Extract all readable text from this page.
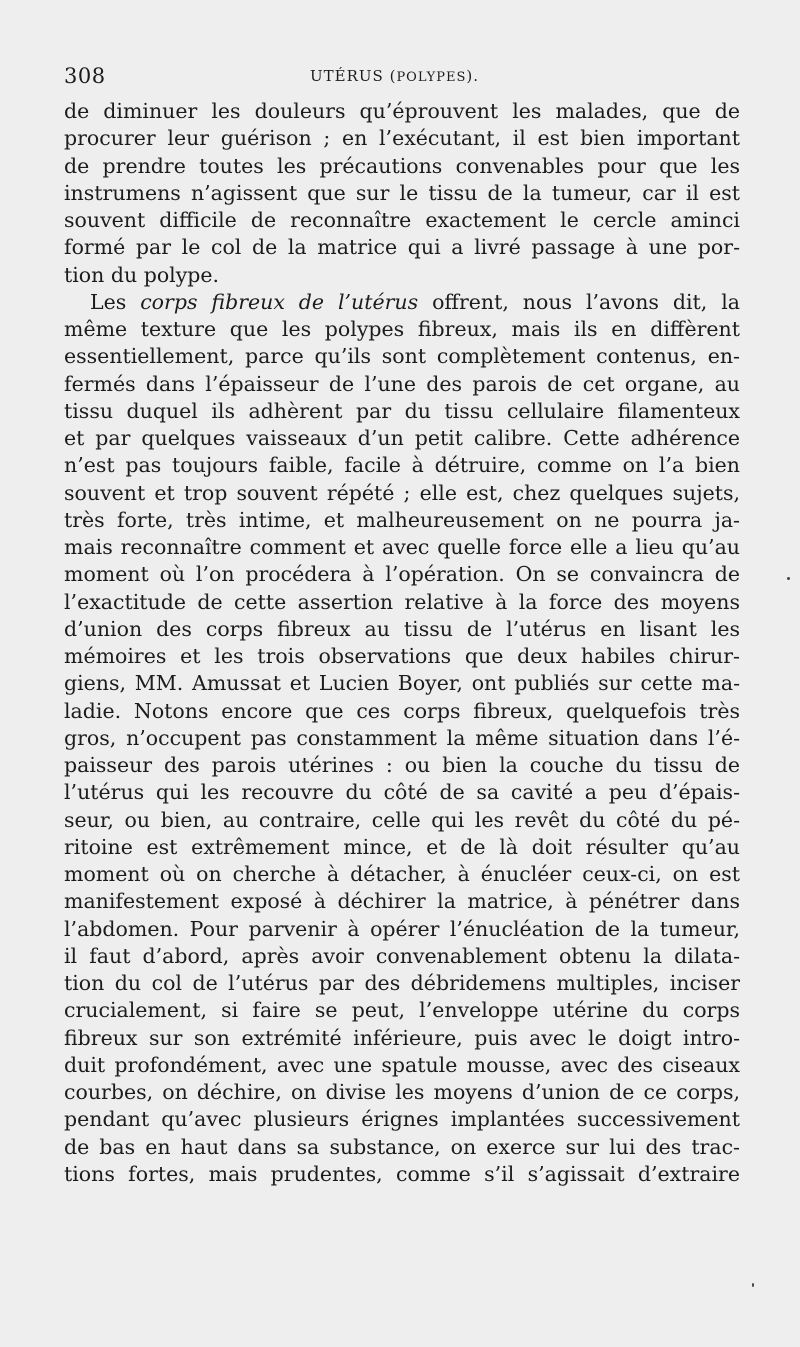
308	UTÉRUS (POLYPES).
de diminuer les douleurs qu’éprouvent les malades, que de
procurer leur guérison ; en l’exécutant, il est bien important
de prendre toutes les précautions convenables pour que les
instrumens n’agissent que sur le tissu de la tumeur, car il est
souvent difficile de reconnaître exactement le cercle aminci
formé par le col de la matrice qui a livré passage à une por-
tion du polype.
Les corps fibreux de l’utérus offrent, nous l’avons dit, la
même texture que les polypes fibreux, mais ils en diffèrent
essentiellement, parce qu’ils sont complètement contenus, en-
fermés dans l’épaisseur de l’une des parois de cet organe, au
tissu duquel ils adhèrent par du tissu cellulaire filamenteux
et par quelques vaisseaux d’un petit calibre. Cette adhérence
n’est pas toujours faible, facile à détruire, comme on l’a bien
souvent et trop souvent répété ; elle est, chez quelques sujets,
très forte, très intime, et malheureusement on ne pourra ja-
mais reconnaître comment et avec quelle force elle a lieu qu’au
moment où l’on procédera à l’opération. On se convaincra de
l’exactitude de cette assertion relative à la force des moyens
d’union des corps fibreux au tissu de l’utérus en lisant les
mémoires et les trois observations que deux habiles chirur-
giens, MM. Amussat et Lucien Boyer, ont publiés sur cette ma-
ladie. Notons encore que ces corps fibreux, quelquefois très
gros, n’occupent pas constamment la même situation dans l’é-
paisseur des parois utérines : ou bien la couche du tissu de
l’utérus qui les recouvre du côté de sa cavité a peu d’épais-
seur, ou bien, au contraire, celle qui les revêt du côté du pé-
ritoine est extrêmement mince, et de là doit résulter qu’au
moment où on cherche à détacher, à énucléer ceux-ci, on est
manifestement exposé à déchirer la matrice, à pénétrer dans
l’abdomen. Pour parvenir à opérer l’énucléation de la tumeur,
il faut d’abord, après avoir convenablement obtenu la dilata-
tion du col de l’utérus par des débridemens multiples, inciser
crucialement, si faire se peut, l’enveloppe utérine du corps
fibreux sur son extrémité inférieure, puis avec le doigt intro-
duit profondément, avec une spatule mousse, avec des ciseaux
courbes, on déchire, on divise les moyens d’union de ce corps,
pendant qu’avec plusieurs érignes implantées successivement
de bas en haut dans sa substance, on exerce sur lui des trac-
tions fortes, mais prudentes, comme s’il s’agissait d’extraire
